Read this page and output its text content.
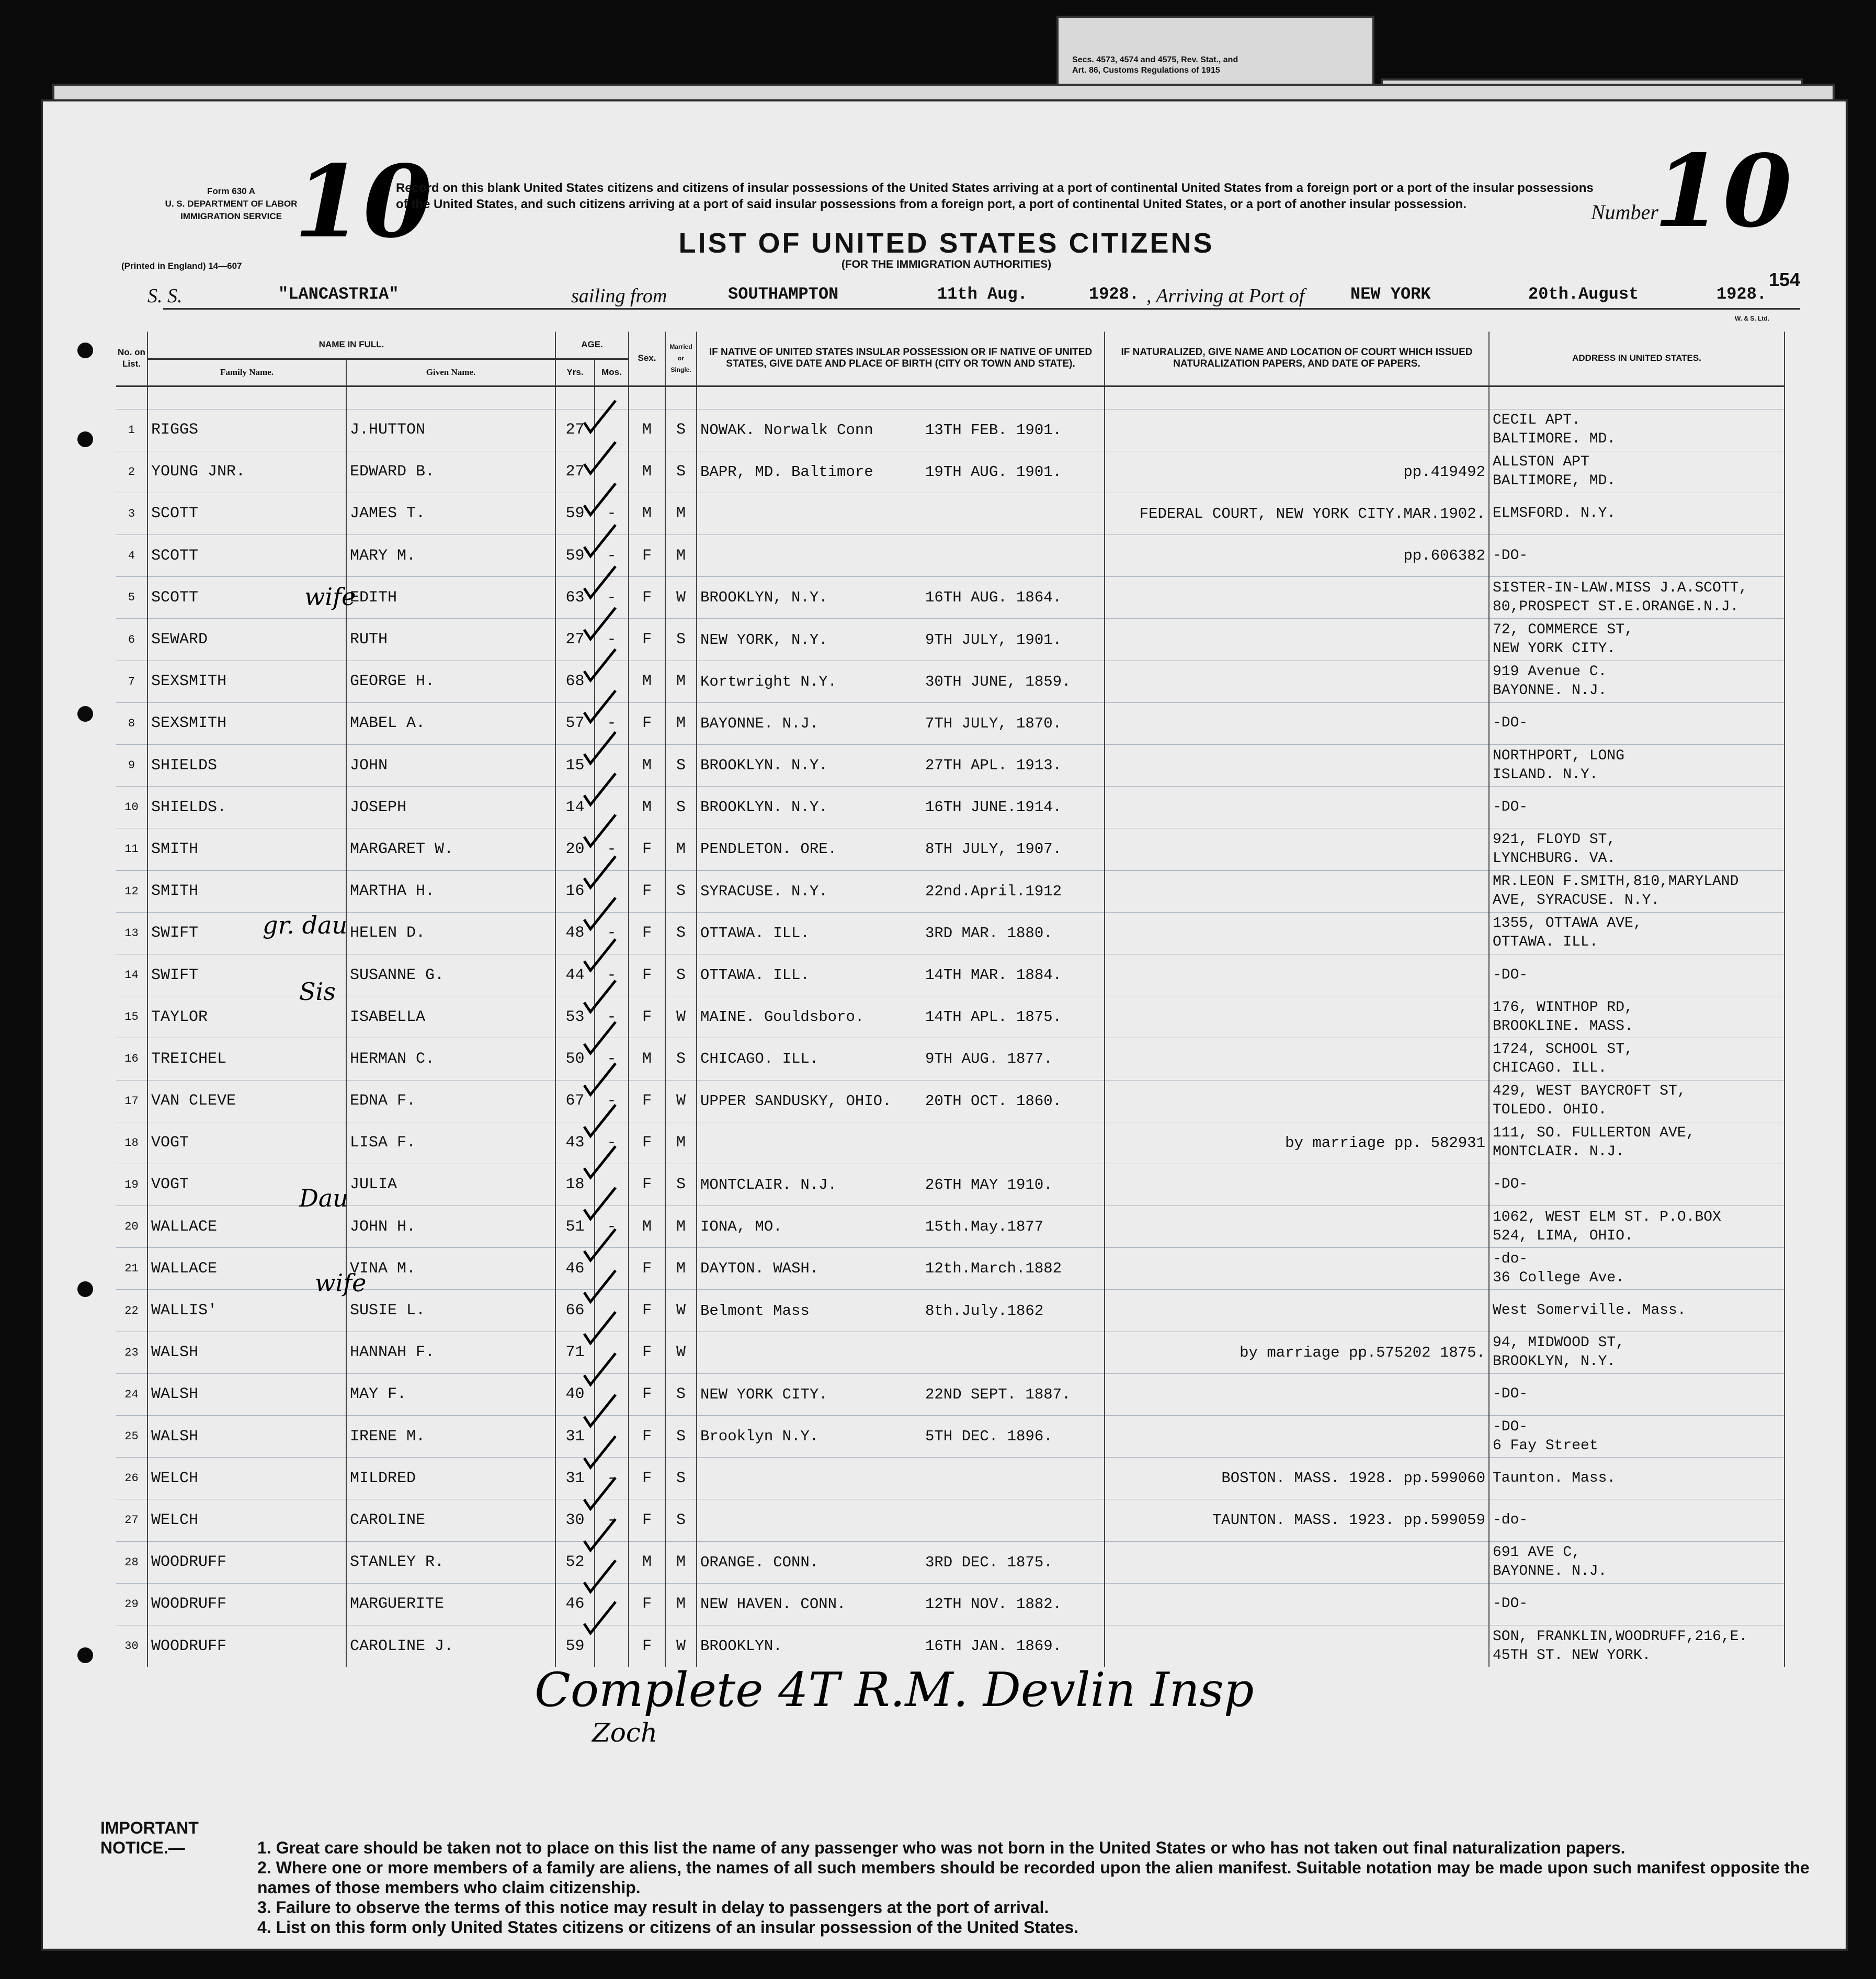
Secs. 4573, 4574 and 4575, Rev. Stat., and
Art. 86, Customs Regulations of 1915
Form 630 A
U. S. DEPARTMENT OF LABOR
IMMIGRATION SERVICE
(Printed in England) 14—607
10
Record on this blank United States citizens and citizens of insular possessions of the United States arriving at a port of continental United States from a foreign port or a port of the insular possessions of the United States, and such citizens arriving at a port of said insular possessions from a foreign port, a port of continental United States, or a port of another insular possession.	Number
10
LIST OF UNITED STATES CITIZENS
(FOR THE IMMIGRATION AUTHORITIES)
154
S. S.	"LANCASTRIA"	sailing from	SOUTHAMPTON	11th Aug.	1928. , Arriving at Port of	NEW YORK	20th.August	1928.
W. & S. Ltd.
No. on List.	NAME IN FULL.		AGE.		Sex.	Married or Single.	IF NATIVE OF UNITED STATES INSULAR POSSESSION OR IF NATIVE OF UNITED STATES, GIVE DATE AND PLACE OF BIRTH (CITY OR TOWN AND STATE).	IF NATURALIZED, GIVE NAME AND LOCATION OF COURT WHICH ISSUED NATURALIZATION PAPERS, AND DATE OF PAPERS.	ADDRESS IN UNITED STATES.
	Family Name.	Given Name.	Yrs.	Mos.					

1	RIGGS	J.HUTTON	27		M	S	NOWAK. Norwalk Conn 13TH FEB. 1901.		CECIL APT.
BALTIMORE. MD.
2	YOUNG JNR.	EDWARD B.	27		M	S	BAPR, MD. Baltimore 19TH AUG. 1901.	pp.419492	ALLSTON APT
BALTIMORE, MD.
3	SCOTT	JAMES T.	59	-	M	M		FEDERAL COURT, NEW YORK CITY.MAR.1902.	ELMSFORD. N.Y.
4	SCOTT	MARY M.	59	-	F	M		pp.606382	-DO-
5	SCOTT	EDITH	63	-	F	W	BROOKLYN, N.Y. 16TH AUG. 1864.		SISTER-IN-LAW.MISS J.A.SCOTT,
80,PROSPECT ST.E.ORANGE.N.J.
6	SEWARD	RUTH	27	-	F	S	NEW YORK, N.Y. 9TH JULY, 1901.		72, COMMERCE ST,
NEW YORK CITY.
7	SEXSMITH	GEORGE H.	68		M	M	Kortwright N.Y. 30TH JUNE, 1859.		919 Avenue C.
BAYONNE. N.J.
8	SEXSMITH	MABEL A.	57	-	F	M	BAYONNE. N.J. 7TH JULY, 1870.		-DO-
9	SHIELDS	JOHN	15		M	S	BROOKLYN. N.Y. 27TH APL. 1913.		NORTHPORT, LONG
ISLAND. N.Y.
10	SHIELDS.	JOSEPH	14		M	S	BROOKLYN. N.Y. 16TH JUNE.1914.		-DO-
11	SMITH	MARGARET W.	20	-	F	M	PENDLETON. ORE. 8TH JULY, 1907.		921, FLOYD ST,
LYNCHBURG. VA.
12	SMITH	MARTHA H.	16		F	S	SYRACUSE. N.Y. 22nd.April.1912		MR.LEON F.SMITH,810,MARYLAND
AVE, SYRACUSE. N.Y.
13	SWIFT	HELEN D.	48	-	F	S	OTTAWA. ILL. 3RD MAR. 1880.		1355, OTTAWA AVE,
OTTAWA. ILL.
14	SWIFT	SUSANNE G.	44	-	F	S	OTTAWA. ILL. 14TH MAR. 1884.		-DO-
15	TAYLOR	ISABELLA	53	-	F	W	MAINE. Gouldsboro. 14TH APL. 1875.		176, WINTHOP RD,
BROOKLINE. MASS.
16	TREICHEL	HERMAN C.	50	-	M	S	CHICAGO. ILL. 9TH AUG. 1877.		1724, SCHOOL ST,
CHICAGO. ILL.
17	VAN CLEVE	EDNA F.	67	-	F	W	UPPER SANDUSKY, OHIO. 20TH OCT. 1860.		429, WEST BAYCROFT ST,
TOLEDO. OHIO.
18	VOGT	LISA F.	43	-	F	M		by marriage pp. 582931	111, SO. FULLERTON AVE,
MONTCLAIR. N.J.
19	VOGT	JULIA	18		F	S	MONTCLAIR. N.J. 26TH MAY 1910.		-DO-
20	WALLACE	JOHN H.	51	-	M	M	IONA, MO. 15th.May.1877		1062, WEST ELM ST. P.O.BOX
524, LIMA, OHIO.
21	WALLACE	VINA M.	46		F	M	DAYTON. WASH. 12th.March.1882		-do-
36 College Ave.
22	WALLIS'	SUSIE L.	66		F	W	Belmont Mass 8th.July.1862		West Somerville. Mass.
23	WALSH	HANNAH F.	71		F	W		by marriage pp.575202 1875.	94, MIDWOOD ST,
BROOKLYN, N.Y.
24	WALSH	MAY F.	40		F	S	NEW YORK CITY. 22ND SEPT. 1887.		-DO-
25	WALSH	IRENE M.	31		F	S	Brooklyn N.Y. 5TH DEC. 1896.		-DO-
6 Fay Street
26	WELCH	MILDRED	31	-	F	S		BOSTON. MASS. 1928. pp.599060	Taunton. Mass.
27	WELCH	CAROLINE	30	-	F	S		TAUNTON. MASS. 1923. pp.599059	-do-
28	WOODRUFF	STANLEY R.	52		M	M	ORANGE. CONN. 3RD DEC. 1875.		691 AVE C,
BAYONNE. N.J.
29	WOODRUFF	MARGUERITE	46		F	M	NEW HAVEN. CONN. 12TH NOV. 1882.		-DO-
30	WOODRUFF	CAROLINE J.	59		F	W	BROOKLYN. 16TH JAN. 1869.		SON, FRANKLIN,WOODRUFF,216,E.
45TH ST. NEW YORK.
wife
gr. dau
Sis
Dau
wife
Complete 4T R.M. Devlin Insp
Zoch
IMPORTANT NOTICE.—	1. Great care should be taken not to place on this list the name of any passenger who was not born in the United States or who has not taken out final naturalization papers.
2. Where one or more members of a family are aliens, the names of all such members should be recorded upon the alien manifest. Suitable notation may be made upon such manifest opposite the names of those members who claim citizenship.
3. Failure to observe the terms of this notice may result in delay to passengers at the port of arrival.
4. List on this form only United States citizens or citizens of an insular possession of the United States.
